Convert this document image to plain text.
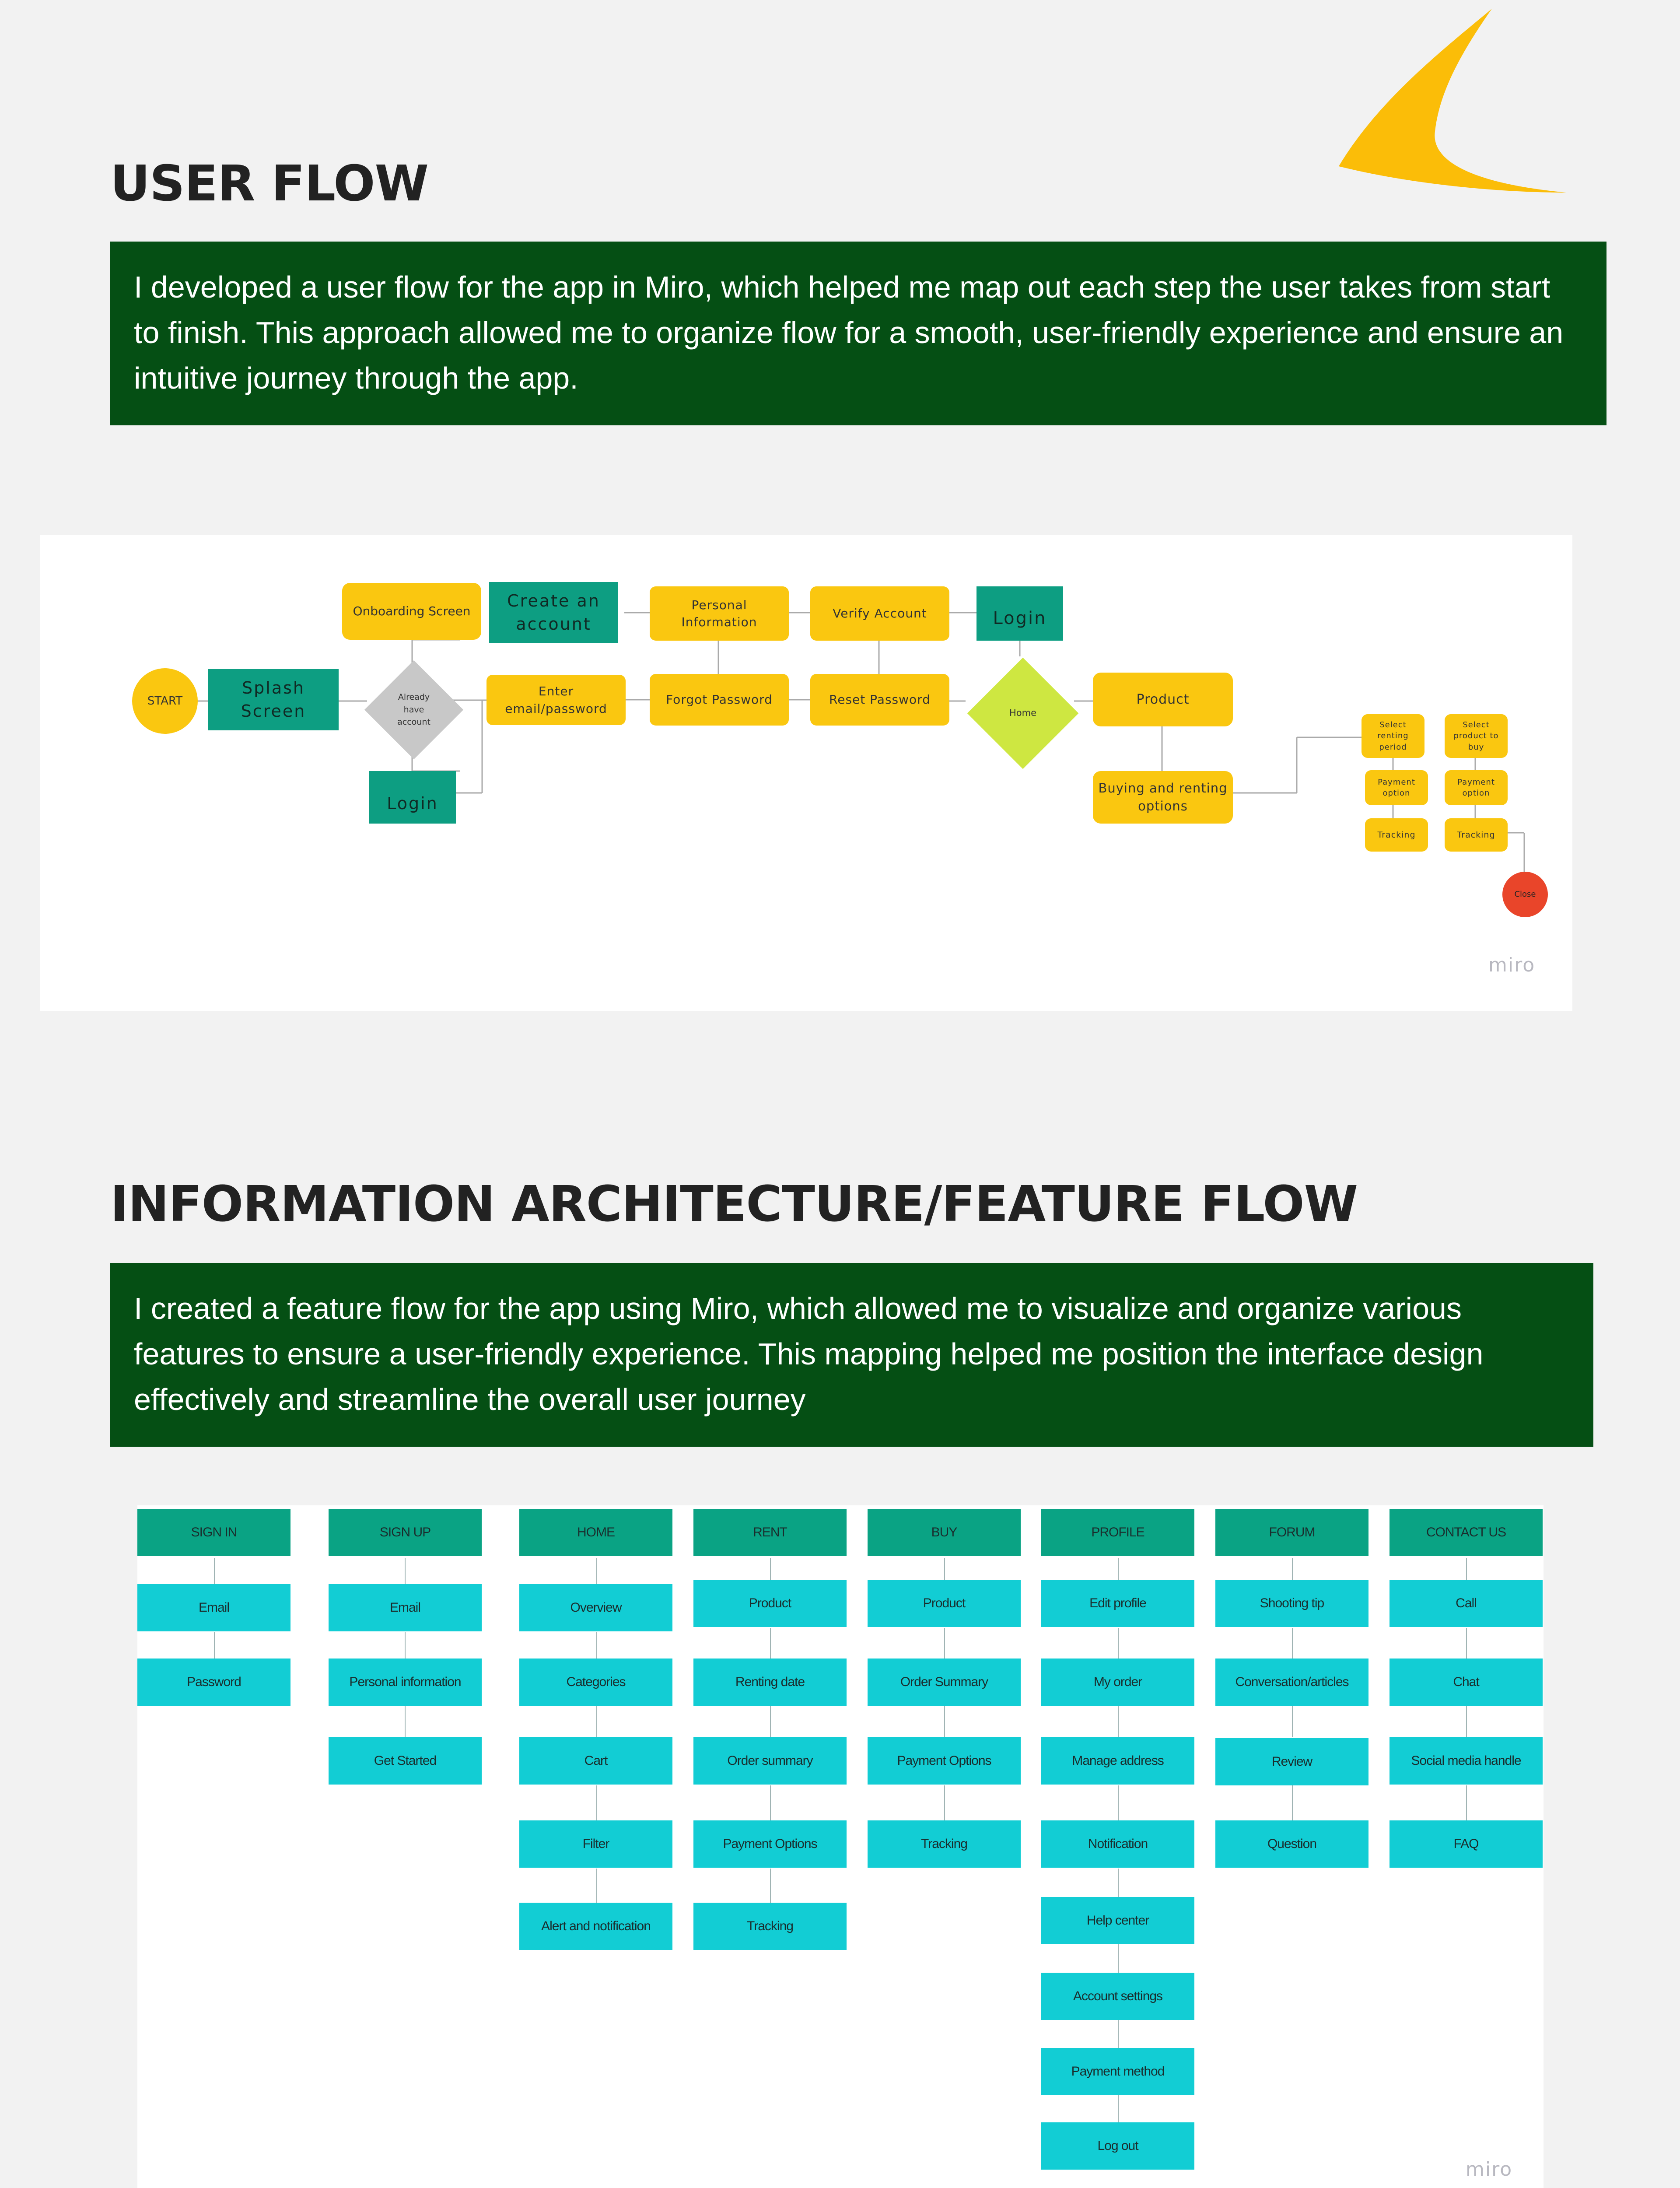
USER FLOW
I developed a user flow for the app in Miro, which helped me map out each step the user takes from start to finish. This approach allowed me to organize flow for a smooth, user-friendly experience and ensure an intuitive journey through the app.
START
Splash
Screen
Already
have
account
Onboarding Screen
Login
Create an
account
Enter
email/password
Personal
Information
Forgot Password
Verify Account
Reset Password
Login
Home
Product
Buying and renting
options
Select
renting
period
Select
product to
buy
Payment
option
Payment
option
Tracking	Tracking
Close
miro
INFORMATION ARCHITECTURE/FEATURE FLOW
I created a feature flow for the app using Miro, which allowed me to visualize and organize various features to ensure a user-friendly experience. This mapping helped me position the interface design effectively and streamline the overall user journey
SIGN IN
Email
Password
SIGN UP
Email
Personal information
Get Started
HOME
Overview
Categories
Cart
Filter
Alert and notification
RENT
Product
Renting date
Order summary
Payment Options
Tracking
BUY
Product
Order Summary
Payment Options
Tracking
PROFILE
Edit profile
My order
Manage address
Notification
Help center
Account settings
Payment method
Log out
FORUM
Shooting tip
Conversation/articles
Review
Question
CONTACT US
Call
Chat
Social media handle
FAQ
miro
